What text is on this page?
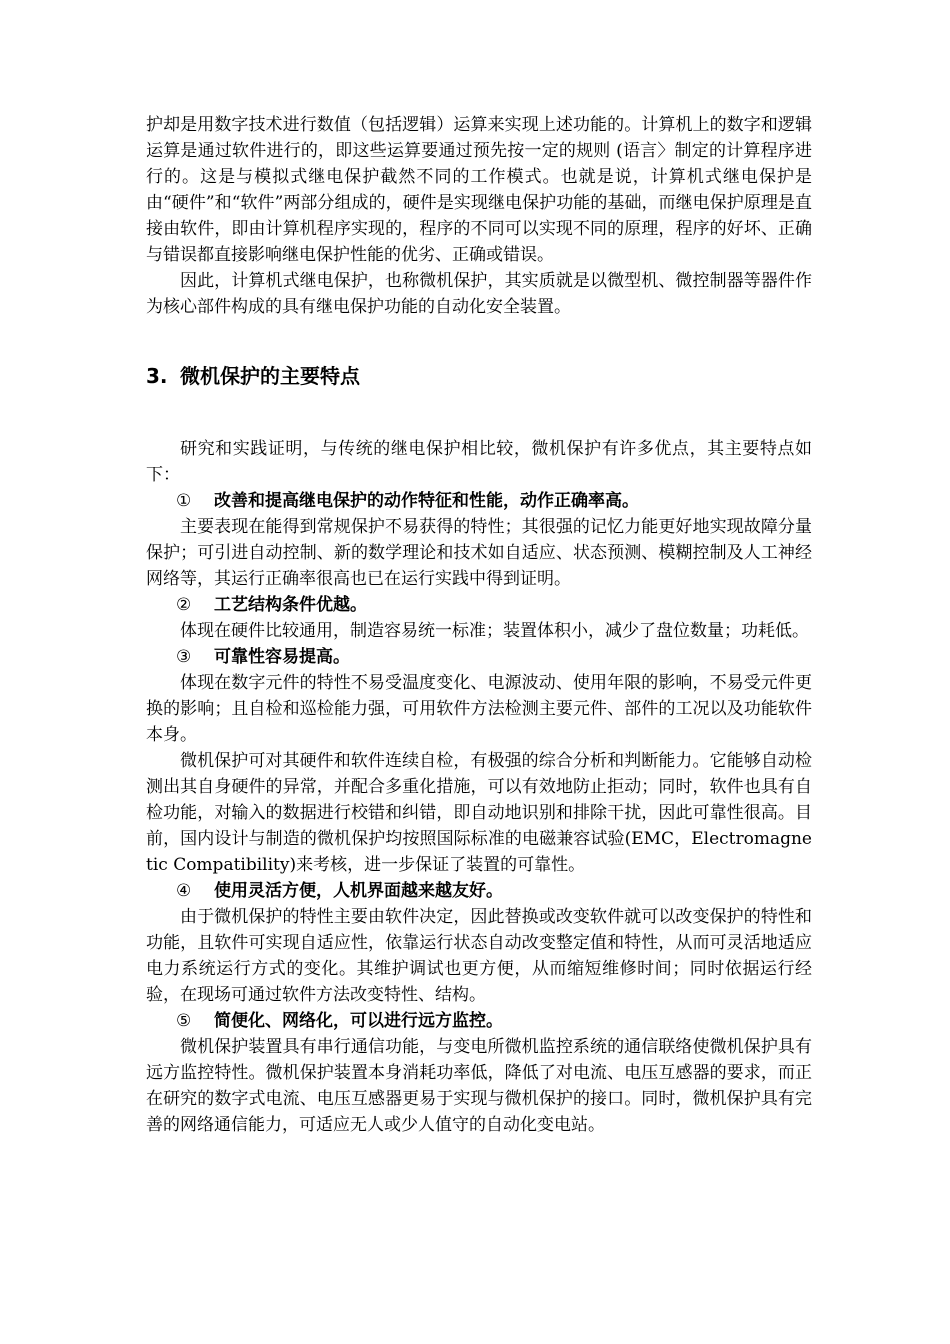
护却是用数字技术进行数值（包括逻辑）运算来实现上述功能的。计算机上的数字和逻辑运算是通过软件进行的，即这些运算要通过预先按一定的规则 (语言〉制定的计算程序进行的。这是与模拟式继电保护截然不同的工作模式。也就是说，计算机式继电保护是由“硬件”和“软件”两部分组成的，硬件是实现继电保护功能的基础，而继电保护原理是直接由软件，即由计算机程序实现的，程序的不同可以实现不同的原理，程序的好坏、正确与错误都直接影响继电保护性能的优劣、正确或错误。

因此，计算机式继电保护，也称微机保护，其实质就是以微型机、微控制器等器件作为核心部件构成的具有继电保护功能的自动化安全装置。

3. 微机保护的主要特点

研究和实践证明，与传统的继电保护相比较，微机保护有许多优点，其主要特点如下：

① 改善和提高继电保护的动作特征和性能，动作正确率高。

主要表现在能得到常规保护不易获得的特性；其很强的记忆力能更好地实现故障分量保护；可引进自动控制、新的数学理论和技术如自适应、状态预测、模糊控制及人工神经网络等，其运行正确率很高也已在运行实践中得到证明。

② 工艺结构条件优越。

体现在硬件比较通用，制造容易统一标准；装置体积小，减少了盘位数量；功耗低。

③ 可靠性容易提高。

体现在数字元件的特性不易受温度变化、电源波动、使用年限的影响，不易受元件更换的影响；且自检和巡检能力强，可用软件方法检测主要元件、部件的工况以及功能软件本身。

微机保护可对其硬件和软件连续自检，有极强的综合分析和判断能力。它能够自动检测出其自身硬件的异常，并配合多重化措施，可以有效地防止拒动；同时，软件也具有自检功能，对输入的数据进行校错和纠错，即自动地识别和排除干扰，因此可靠性很高。目前，国内设计与制造的微机保护均按照国际标准的电磁兼容试验(EMC，Electromagnetic Compatibility)来考核，进一步保证了装置的可靠性。

④ 使用灵活方便，人机界面越来越友好。

由于微机保护的特性主要由软件决定，因此替换或改变软件就可以改变保护的特性和功能，且软件可实现自适应性，依靠运行状态自动改变整定值和特性，从而可灵活地适应电力系统运行方式的变化。其维护调试也更方便，从而缩短维修时间；同时依据运行经验，在现场可通过软件方法改变特性、结构。

⑤ 简便化、网络化，可以进行远方监控。

微机保护装置具有串行通信功能，与变电所微机监控系统的通信联络使微机保护具有远方监控特性。微机保护装置本身消耗功率低，降低了对电流、电压互感器的要求，而正在研究的数字式电流、电压互感器更易于实现与微机保护的接口。同时，微机保护具有完善的网络通信能力，可适应无人或少人值守的自动化变电站。
